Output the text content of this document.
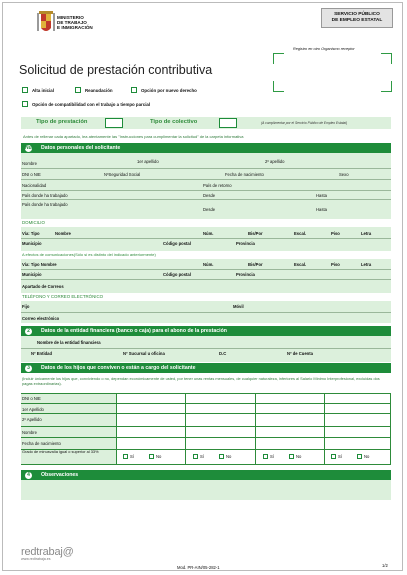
MINISTERIO
DE TRABAJO
E INMIGRACIÓN
SERVICIO PÚBLICO
DE EMPLEO ESTATAL
Registro en otro Organismo receptor
Solicitud de prestación contributiva
Alta inicial	Reanudación	Opción por nuevo derecho
Opción de compatibilidad con el trabajo a tiempo parcial
Tipo de prestación	Tipo de colectivo	(A cumplimentar por el Servicio Público de Empleo Estatal)
Antes de rellenar cada apartado, lea atentamente las "Instrucciones para cumplimentar la solicitud" de la carpeta informativa
Núm. Datos personales del solicitante
Nombre	1er apellido	2º apellido
DNI o NIE	NºSeguridad Social	Fecha de nacimiento	Sexo
Nacionalidad	País de retorno
País donde ha trabajado	Desde	Hasta
País donde ha trabajado
Desde	Hasta
DOMICILIO
Vía: Tipo	Nombre	Núm.	Bis/Por	Escal.	Piso	Letra
Municipio	Código postal	Provincia
A efectos de comunicaciones(Sólo si es distinto del indicado anteriormente)
Vía: Tipo Nombre	Núm.	Bis/Por	Escal.	Piso	Letra
Municipio	Código postal	Provincia
Apartado de Correos
TELÉFONO Y CORREO ELECTRÓNICO
Fijo	Móvil
Correo electrónico
2	Datos de la entidad financiera (banco o caja) para el abono de la prestación
Nombre de la entidad financiera
Nº Entidad	Nº Sucursal u oficina	D.C	Nº de Cuenta
3	Datos de los hijos que conviven o están a cargo del solicitante
(Incluir únicamente los hijos que, conviviendo o no, dependan económicamente de usted, por tener unas rentas mensuales, de cualquier naturaleza, inferiores al Salario Mínimo Interprofesional, excluidas dos pagas extraordinarias).
DNI o NIE
1er Apellido
2º Apellido
Nombre
Fecha de nacimiento
Grado de minusvalía igual o superior al 33%
Sí	No	Sí	No	Sí	No	Sí	No
4	Observaciones
redtrabaj@
www.redtrabaja.es
Mod. PR-AIN/05-282-1	1/2
